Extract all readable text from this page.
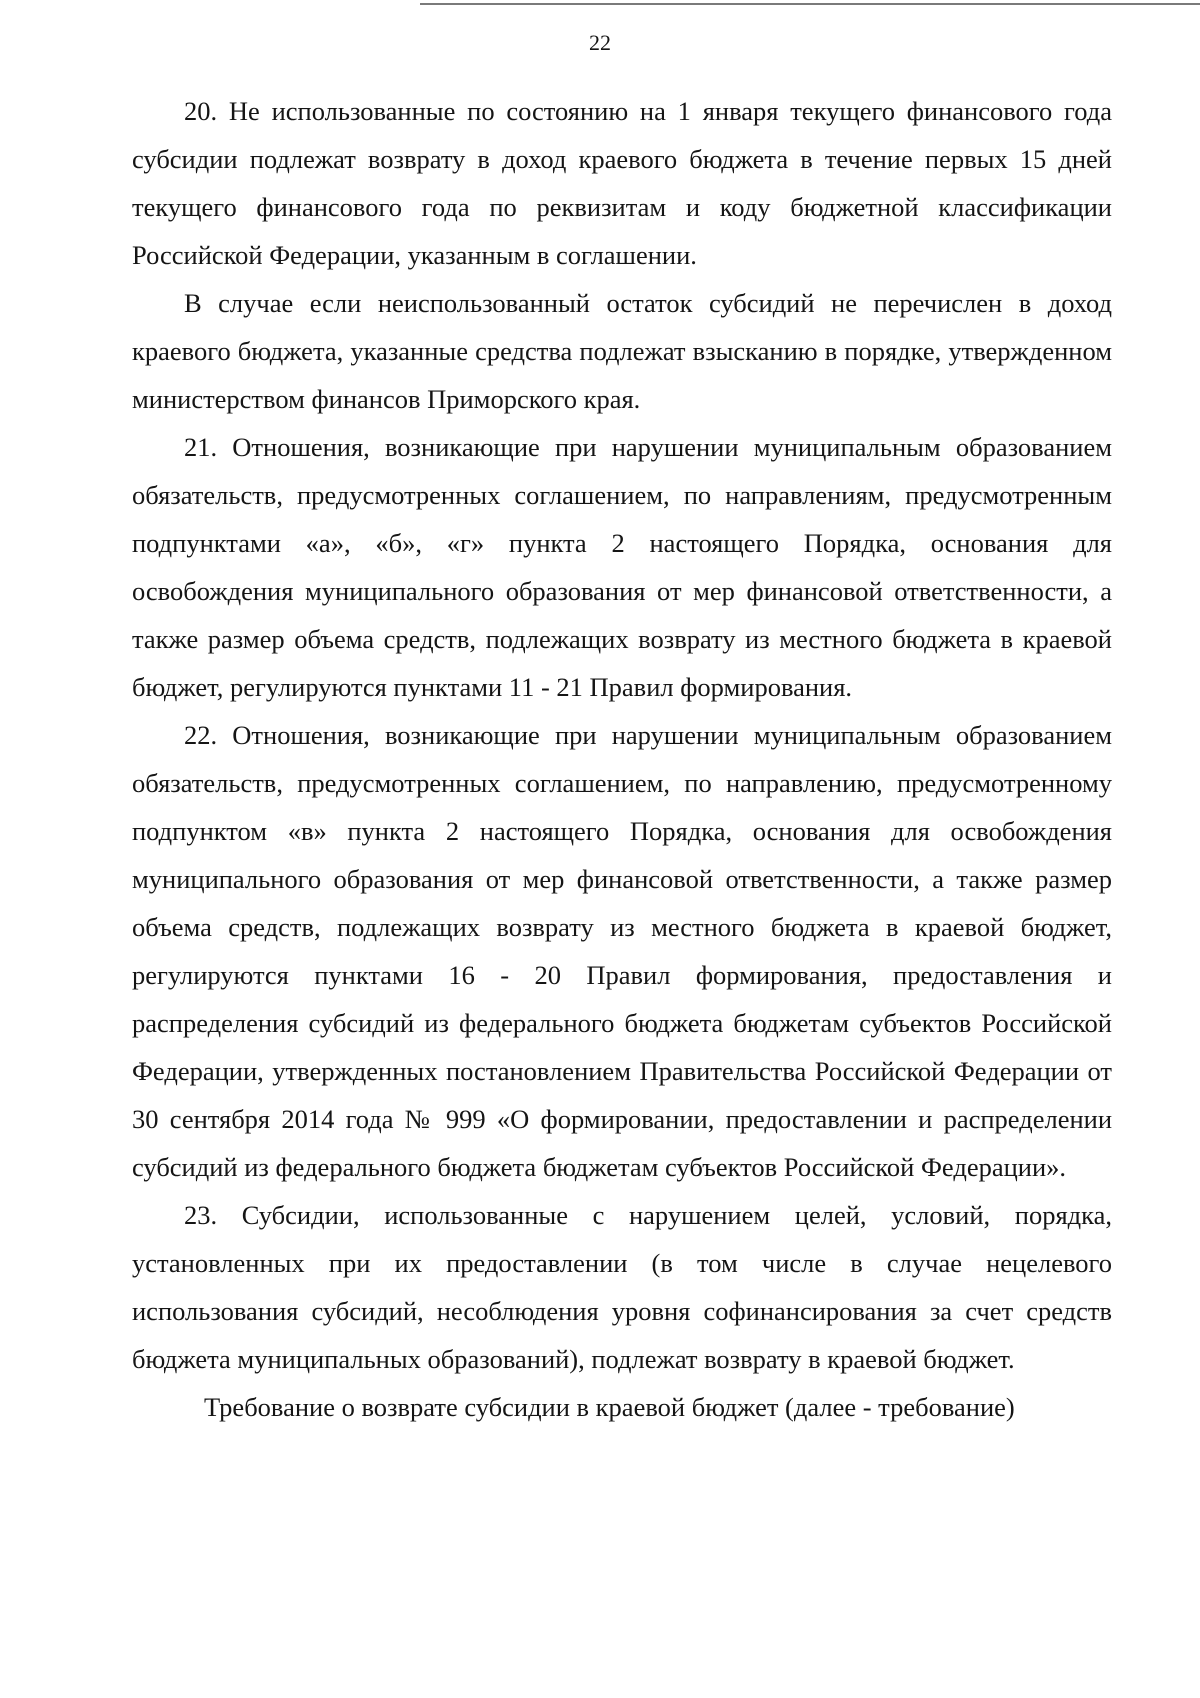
22

20. Не использованные по состоянию на 1 января текущего финансового года субсидии подлежат возврату в доход краевого бюджета в течение первых 15 дней текущего финансового года по реквизитам и коду бюджетной классификации Российской Федерации, указанным в соглашении.

В случае если неиспользованный остаток субсидий не перечислен в доход краевого бюджета, указанные средства подлежат взысканию в порядке, утвержденном министерством финансов Приморского края.

21. Отношения, возникающие при нарушении муниципальным образованием обязательств, предусмотренных соглашением, по направлениям, предусмотренным подпунктами «а», «б», «г» пункта 2 настоящего Порядка, основания для освобождения муниципального образования от мер финансовой ответственности, а также размер объема средств, подлежащих возврату из местного бюджета в краевой бюджет, регулируются пунктами 11 - 21 Правил формирования.

22. Отношения, возникающие при нарушении муниципальным образованием обязательств, предусмотренных соглашением, по направлению, предусмотренному подпунктом «в» пункта 2 настоящего Порядка, основания для освобождения муниципального образования от мер финансовой ответственности, а также размер объема средств, подлежащих возврату из местного бюджета в краевой бюджет, регулируются пунктами 16 - 20 Правил формирования, предоставления и распределения субсидий из федерального бюджета бюджетам субъектов Российской Федерации, утвержденных постановлением Правительства Российской Федерации от 30 сентября 2014 года № 999 «О формировании, предоставлении и распределении субсидий из федерального бюджета бюджетам субъектов Российской Федерации».

23. Субсидии, использованные с нарушением целей, условий, порядка, установленных при их предоставлении (в том числе в случае нецелевого использования субсидий, несоблюдения уровня софинансирования за счет средств бюджета муниципальных образований), подлежат возврату в краевой бюджет.

Требование о возврате субсидии в краевой бюджет (далее - требование)
